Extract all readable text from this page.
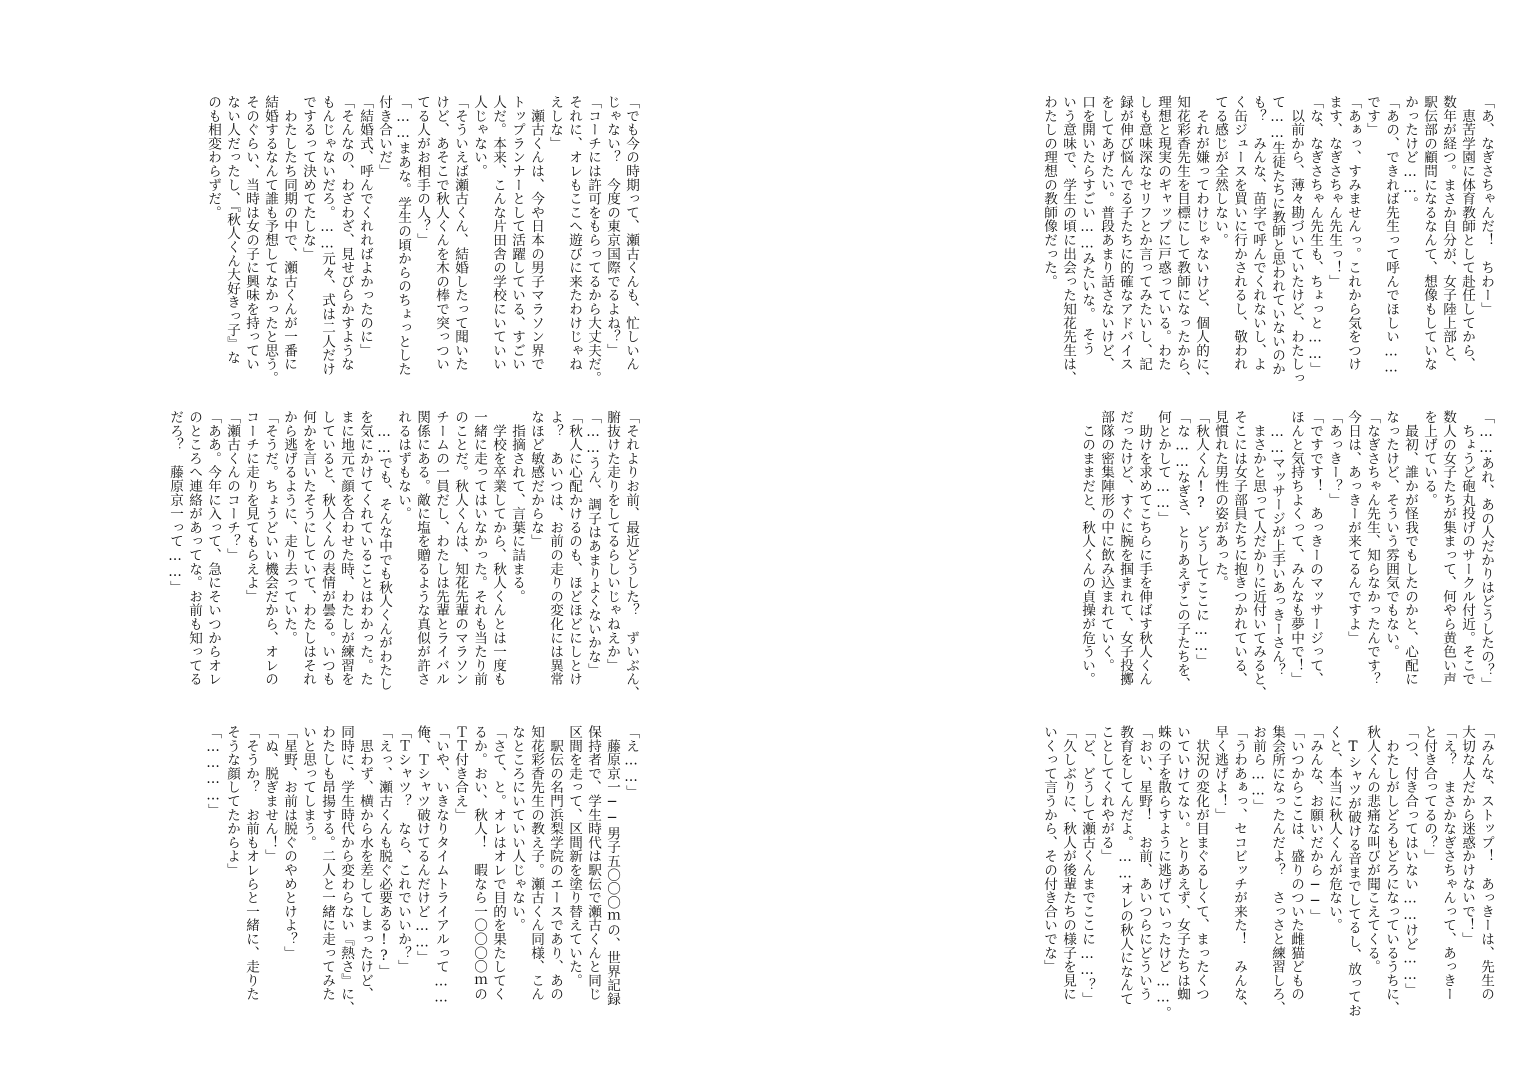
「あ、なぎさちゃんだ！　ちわー」

　恵苦学園に体育教師として赴任してから、

数年が経つ。まさか自分が、女子陸上部と、

駅伝部の顧問になるなんて、想像もしていな

かったけど……。

「あの、できれば先生って呼んでほしい……

です」

「あぁっ、すみませんっ。これから気をつけ

ます、なぎさちゃん先生っ！」

「な、なぎさちゃん先生も、ちょっと……」

　以前から、薄々勘づいていたけど、わたしっ

て……生徒たちに教師と思われていないのか

も？　みんな、苗字で呼んでくれないし、よ

く缶ジュースを買いに行かされるし、敬われ

てる感じが全然しない。

　それが嫌ってわけじゃないけど、個人的に、

知花彩香先生を目標にして教師になったから、

理想と現実のギャップに戸惑っている。わた

しも意味深なセリフとか言ってみたいし、記

録が伸び悩んでる子たちに的確なアドバイス

をしてあげたい。普段あまり話さないけど、

口を開いたらすごい……みたいな。　そう

いう意味で、学生の頃に出会った知花先生は、

わたしの理想の教師像だった。

「……あれ、あの人だかりはどうしたの？」

　ちょうど砲丸投げのサークル付近。そこで

数人の女子たちが集まって、何やら黄色い声

を上げている。

　最初、誰かが怪我でもしたのかと、心配に

なったけど、そういう雰囲気でもない。

「なぎさちゃん先生、知らなかったんです？

今日は、あっきーが来てるんですよ」

「あっきー？」

「ですです！　あっきーのマッサージって、

ほんと気持ちよくって、みんなも夢中で！」

　……マッサージが上手いあっきーさん？

　まさかと思って人だかりに近付いてみると、

そこには女子部員たちに抱きつかれている、

見慣れた男性の姿があった。

「秋人くん!?　どうしてここに……」

「な……なぎさ、とりあえずこの子たちを、

何とかして……」

　助けを求めてこちらに手を伸ばす秋人くん

だったけど、すぐに腕を掴まれて、女子投擲

部隊の密集陣形の中に飲み込まれていく。

　このままだと、秋人くんの貞操が危うい。

「みんな、ストップ！　あっきーは、先生の

大切な人だから迷惑かけないで！」

「え？　まさかなぎさちゃんって、あっきー

と付き合ってるの？」

「つ、付き合ってはいない……けど……」

　わたしがしどろもどろになっているうちに、

秋人くんの悲痛な叫びが聞こえてくる。

　Tシャツが破ける音までしてるし、放ってお

くと、本当に秋人くんが危ない。

「みんな、お願いだから──」

「いつからここは、盛りのついた雌猫どもの

集会所になったんだよ？　さっさと練習しろ、

お前ら……」

「うわあぁっ、セコビッチが来た！　みんな、

早く逃げよ！」

　状況の変化が目まぐるしくて、まったくつ

いていけてない。とりあえず、女子たちは蜘

蛛の子を散らすように逃げていったけど……。

「おい、星野！　お前、あいつらにどういう

教育をしてんだよ。……オレの秋人になんて

ことしてくれやがる」

「ど、どうして瀬古くんまでここに……？」

「久しぶりに、秋人が後輩たちの様子を見に

いくって言うから、その付き合いでな」

「でも今の時期って、瀬古くんも、忙しいん

じゃない？　今度の東京国際でるよね？」

「コーチには許可をもらってるから大丈夫だ。

それに、オレもここへ遊びに来たわけじゃね

えしな」

　瀬古くんは、今や日本の男子マラソン界で

トップランナーとして活躍している、すごい

人だ。本来、こんな片田舎の学校にいていい

人じゃない。

「そういえば瀬古くん、結婚したって聞いた

けど、あそこで秋人くんを木の棒で突っつい

てる人がお相手の人？」

「……まあな。学生の頃からのちょっとした

付き合いだ」

「結婚式、呼んでくれればよかったのに」

「そんなの、わざわざ、見せびらかすような

もんじゃないだろ。……元々、式は二人だけ

でするって決めてたしな」

　わたしたち同期の中で、瀬古くんが一番に

結婚するなんて誰も予想してなかったと思う。

そのぐらい、当時は女の子に興味を持ってい

ない人だったし、『秋人くん大好きっ子』な

のも相変わらずだ。

「それよりお前、最近どうした？　ずいぶん、

腑抜けた走りをしてるらしいじゃねえか」

「……うん、調子はあまりよくないかな」

「秋人に心配かけるのも、ほどほどにしとけ

よ？　あいつは、お前の走りの変化には異常

なほど敏感だからな」

　指摘されて、言葉に詰まる。

　学校を卒業してから、秋人くんとは一度も

一緒に走ってはいなかった。それも当たり前

のことだ。秋人くんは、知花先輩のマラソン

チームの一員だし、わたしは先輩とライバル

関係にある。敵に塩を贈るような真似が許さ

れるはずもない。

　……でも、そんな中でも秋人くんがわたし

を気にかけてくれていることはわかった。た

まに地元で顔を合わせた時、わたしが練習を

していると、秋人くんの表情が曇る。いつも

何かを言いたそうにしていて、わたしはそれ

から逃げるように、走り去っていた。

「そうだ。ちょうどいい機会だから、オレの

コーチに走りを見てもらえよ」

「瀬古くんのコーチ？」

「ああ。今年に入って、急にそいつからオレ

のところへ連絡があってな。お前も知ってる

だろ？　藤原京一って……」

「え……」

　藤原京一──男子五〇〇〇ｍの、世界記録

保持者で、学生時代は駅伝で瀬古くんと同じ

区間を走って、区間新を塗り替えていた。

　駅伝の名門浜梨学院のエースであり、あの

知花彩香先生の教え子。瀬古くん同様、こん

なところにいていい人じゃない。

「さて、と。オレはオレで目的を果たしてく

るか。おい、秋人！　暇なら一〇〇〇〇ｍの

ＴＴ付き合え」

「いや、いきなりタイムトライアルって……

俺、Ｔシャツ破けてるんだけど……」

「Ｔシャツ？　なら、これでいいか？」

「えっ、瀬古くんも脱ぐ必要ある!?」

　思わず、横から水を差してしまったけど、

同時に、学生時代から変わらない『熱さ』に、

わたしも昂揚する。二人と一緒に走ってみた

いと思ってしまう。

「星野、お前は脱ぐのやめとけよ？」

「ぬ、脱ぎません！」

「そうか？　お前もオレらと一緒に、走りた

そうな顔してたからよ」

「…………」
